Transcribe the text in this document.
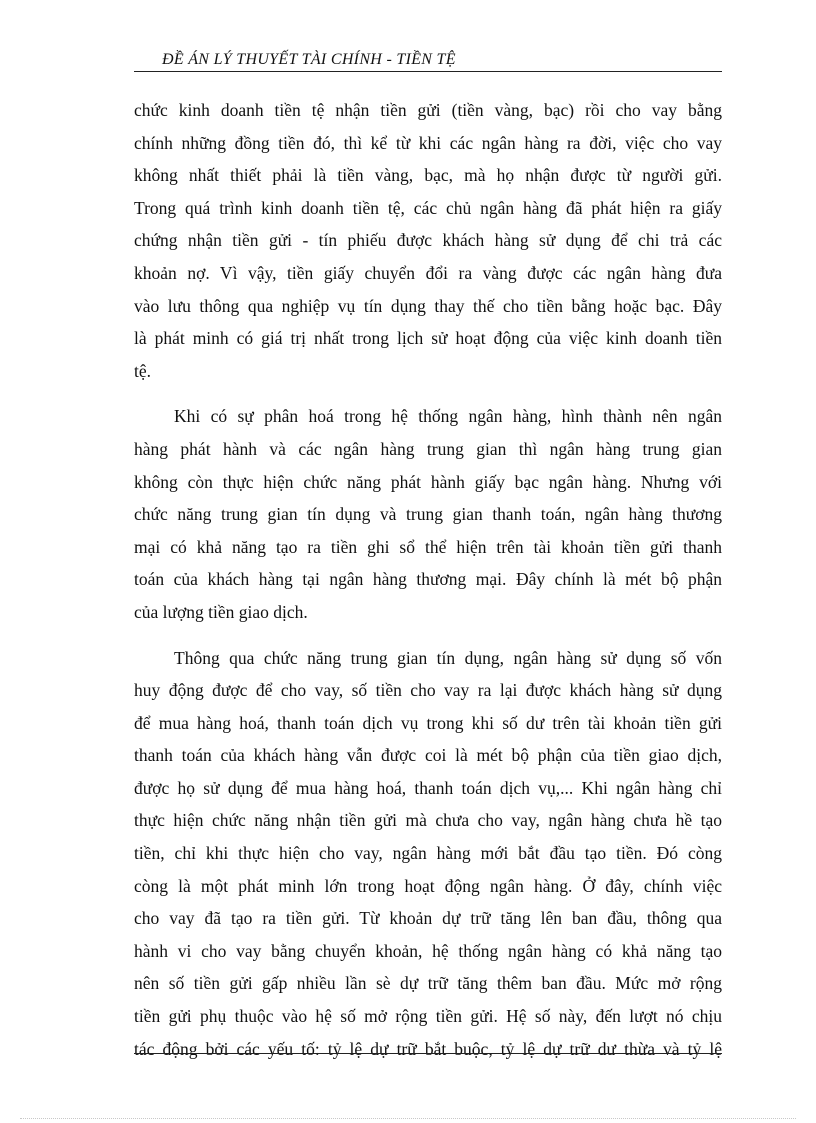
ĐỀ ÁN LÝ THUYẾT TÀI CHÍNH - TIỀN TỆ
chức kinh doanh tiền tệ nhận tiền gửi (tiền vàng, bạc) rồi cho vay bằng
chính những đồng tiền đó, thì kể từ khi các ngân hàng ra đời, việc cho vay
không nhất thiết phải là tiền vàng, bạc, mà họ nhận được từ người gửi.
Trong quá trình kinh doanh tiền tệ, các chủ ngân hàng đã phát hiện ra giấy
chứng nhận tiền gửi - tín phiếu được khách hàng sử dụng để chi trả các
khoản nợ. Vì vậy, tiền giấy chuyển đổi ra vàng được các ngân hàng đưa
vào lưu thông qua nghiệp vụ tín dụng thay thế cho tiền bằng hoặc bạc. Đây
là phát minh có giá trị nhất trong lịch sử hoạt động của việc kinh doanh tiền
tệ.
Khi có sự phân hoá trong hệ thống ngân hàng, hình thành nên ngân
hàng phát hành và các ngân hàng trung gian thì ngân hàng trung gian
không còn thực hiện chức năng phát hành giấy bạc ngân hàng. Nhưng với
chức năng trung gian tín dụng và trung gian thanh toán, ngân hàng thương
mại có khả năng tạo ra tiền ghi sổ thể hiện trên tài khoản tiền gửi thanh
toán của khách hàng tại ngân hàng thương mại. Đây chính là mét bộ phận
của lượng tiền giao dịch.
Thông qua chức năng trung gian tín dụng, ngân hàng sử dụng số vốn
huy động được để cho vay, số tiền cho vay ra lại được khách hàng sử dụng
để mua hàng hoá, thanh toán dịch vụ trong khi số dư trên tài khoản tiền gửi
thanh toán của khách hàng vẫn được coi là mét bộ phận của tiền giao dịch,
được họ sử dụng để mua hàng hoá, thanh toán dịch vụ,... Khi ngân hàng chỉ
thực hiện chức năng nhận tiền gửi mà chưa cho vay, ngân hàng chưa hề tạo
tiền, chỉ khi thực hiện cho vay, ngân hàng mới bắt đầu tạo tiền. Đó còng
còng là một phát minh lớn trong hoạt động ngân hàng. Ở đây, chính việc
cho vay đã tạo ra tiền gửi. Từ khoản dự trữ tăng lên ban đầu, thông qua
hành vi cho vay bằng chuyển khoản, hệ thống ngân hàng có khả năng tạo
nên số tiền gửi gấp nhiều lần sè dự trữ tăng thêm ban đầu. Mức mở rộng
tiền gửi phụ thuộc vào hệ số mở rộng tiền gửi. Hệ số này, đến lượt nó chịu
tác động bởi các yếu tố: tỷ lệ dự trữ bắt buộc, tỷ lệ dự trữ dư thừa và tỷ lệ
